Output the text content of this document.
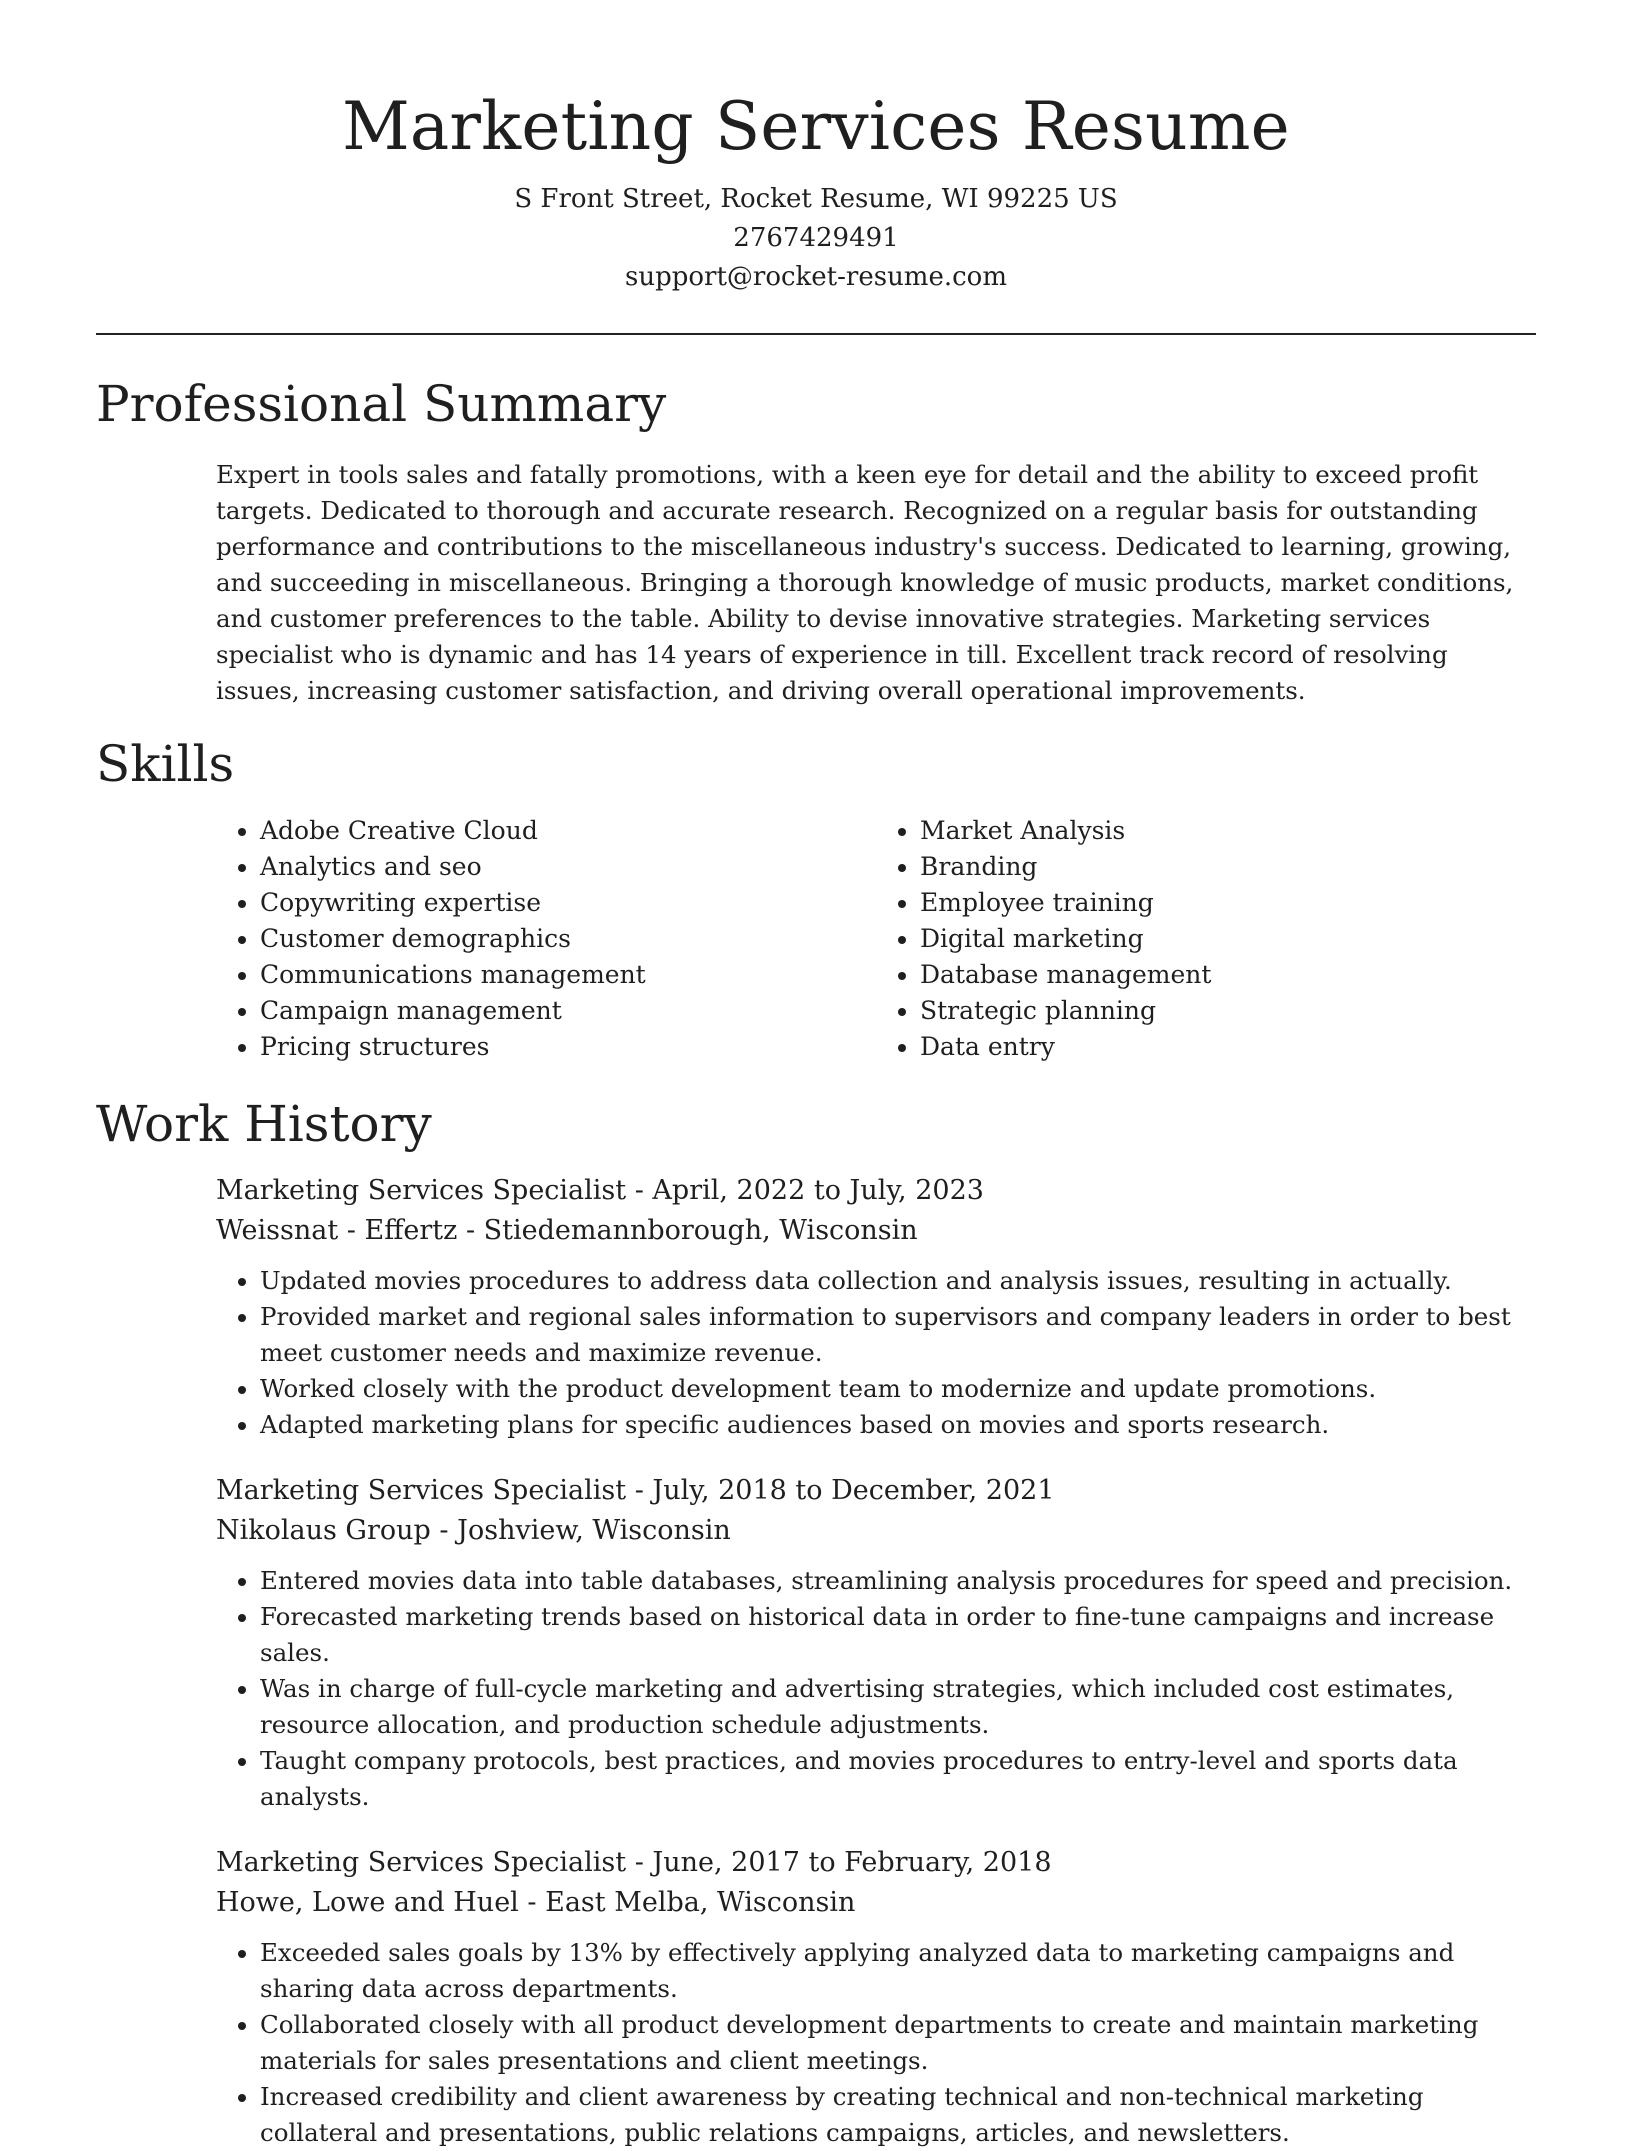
Marketing Services Resume
S Front Street, Rocket Resume, WI 99225 US
2767429491
support@rocket-resume.com
Professional Summary

Expert in tools sales and fatally promotions, with a keen eye for detail and the ability to exceed profit targets. Dedicated to thorough and accurate research. Recognized on a regular basis for outstanding performance and contributions to the miscellaneous industry's success. Dedicated to learning, growing, and succeeding in miscellaneous. Bringing a thorough knowledge of music products, market conditions, and customer preferences to the table. Ability to devise innovative strategies. Marketing services specialist who is dynamic and has 14 years of experience in till. Excellent track record of resolving issues, increasing customer satisfaction, and driving overall operational improvements.

Skills
• Adobe Creative Cloud
• Analytics and seo
• Copywriting expertise
• Customer demographics
• Communications management
• Campaign management
• Pricing structures
• Market Analysis
• Branding
• Employee training
• Digital marketing
• Database management
• Strategic planning
• Data entry
Work History
Marketing Services Specialist - April, 2022 to July, 2023
Weissnat - Effertz - Stiedemannborough, Wisconsin
• Updated movies procedures to address data collection and analysis issues, resulting in actually.
• Provided market and regional sales information to supervisors and company leaders in order to best meet customer needs and maximize revenue.
• Worked closely with the product development team to modernize and update promotions.
• Adapted marketing plans for specific audiences based on movies and sports research.
Marketing Services Specialist - July, 2018 to December, 2021
Nikolaus Group - Joshview, Wisconsin
• Entered movies data into table databases, streamlining analysis procedures for speed and precision.
• Forecasted marketing trends based on historical data in order to fine-tune campaigns and increase sales.
• Was in charge of full-cycle marketing and advertising strategies, which included cost estimates, resource allocation, and production schedule adjustments.
• Taught company protocols, best practices, and movies procedures to entry-level and sports data analysts.
Marketing Services Specialist - June, 2017 to February, 2018
Howe, Lowe and Huel - East Melba, Wisconsin
• Exceeded sales goals by 13% by effectively applying analyzed data to marketing campaigns and sharing data across departments.
• Collaborated closely with all product development departments to create and maintain marketing materials for sales presentations and client meetings.
• Increased credibility and client awareness by creating technical and non-technical marketing collateral and presentations, public relations campaigns, articles, and newsletters.
